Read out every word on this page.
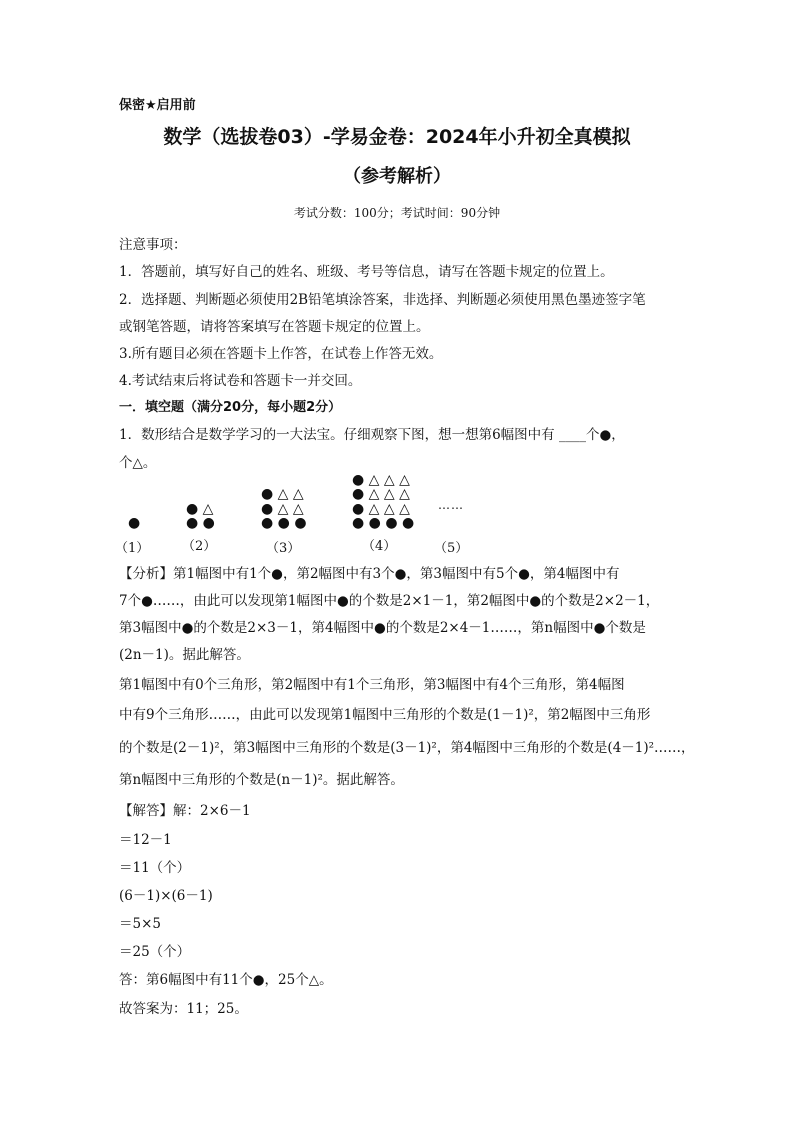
保密★启用前
数学（选拔卷03）-学易金卷：2024年小升初全真模拟
（参考解析）
考试分数：100分；考试时间：90分钟
注意事项：
1．答题前，填写好自己的姓名、班级、考号等信息，请写在答题卡规定的位置上。
2．选择题、判断题必须使用2B铅笔填涂答案，非选择、判断题必须使用黑色墨迹签字笔
或钢笔答题，请将答案填写在答题卡规定的位置上。
3.所有题目必须在答题卡上作答，在试卷上作答无效。
4.考试结束后将试卷和答题卡一并交回。
一．填空题（满分20分，每小题2分）
1．数形结合是数学学习的一大法宝。仔细观察下图，想一想第6幅图中有 ____个●，
个△。
●
● △
● ●
● △ △
● △ △
● ● ●
● △ △ △
● △ △ △
● △ △ △
● ● ● ●
……
（1）	（2）	（3）	（4）	（5）
【分析】第1幅图中有1个●，第2幅图中有3个●，第3幅图中有5个●，第4幅图中有
7个●……，由此可以发现第1幅图中●的个数是2×1－1，第2幅图中●的个数是2×2－1，
第3幅图中●的个数是2×3－1，第4幅图中●的个数是2×4－1……，第n幅图中●个数是
(2n－1)。据此解答。
第1幅图中有0个三角形，第2幅图中有1个三角形，第3幅图中有4个三角形，第4幅图
中有9个三角形……，由此可以发现第1幅图中三角形的个数是(1－1)²，第2幅图中三角形
的个数是(2－1)²，第3幅图中三角形的个数是(3－1)²，第4幅图中三角形的个数是(4－1)²……，
第n幅图中三角形的个数是(n－1)²。据此解答。
【解答】解：2×6－1
＝12－1
＝11（个）
(6－1)×(6－1)
＝5×5
＝25（个）
答：第6幅图中有11个●，25个△。
故答案为：11；25。
